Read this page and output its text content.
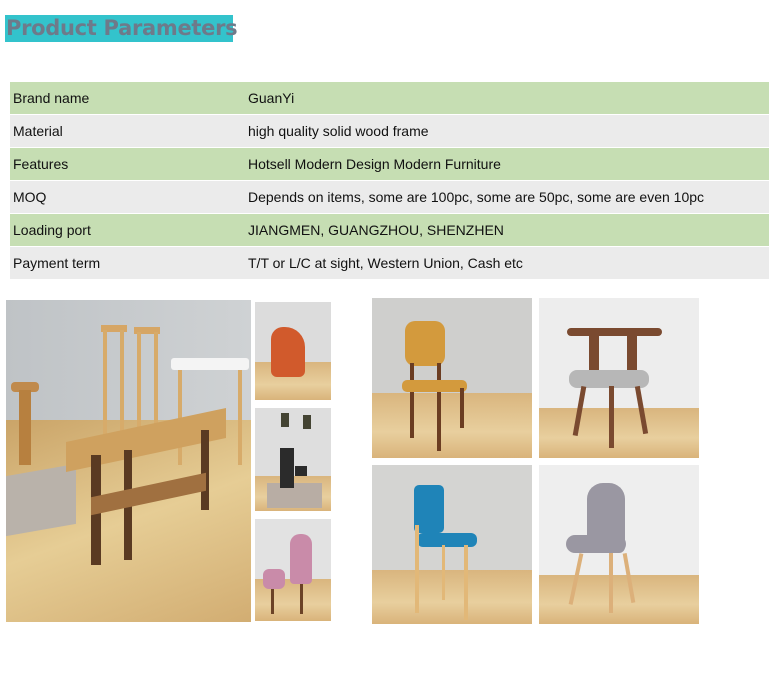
Product Parameters
Brand name	GuanYi
Material	high quality solid wood frame
Features	Hotsell Modern Design Modern Furniture
MOQ	Depends on items, some are 100pc, some are 50pc, some are even 10pc
Loading port	JIANGMEN, GUANGZHOU, SHENZHEN
Payment term	T/T or L/C at sight, Western Union, Cash etc
